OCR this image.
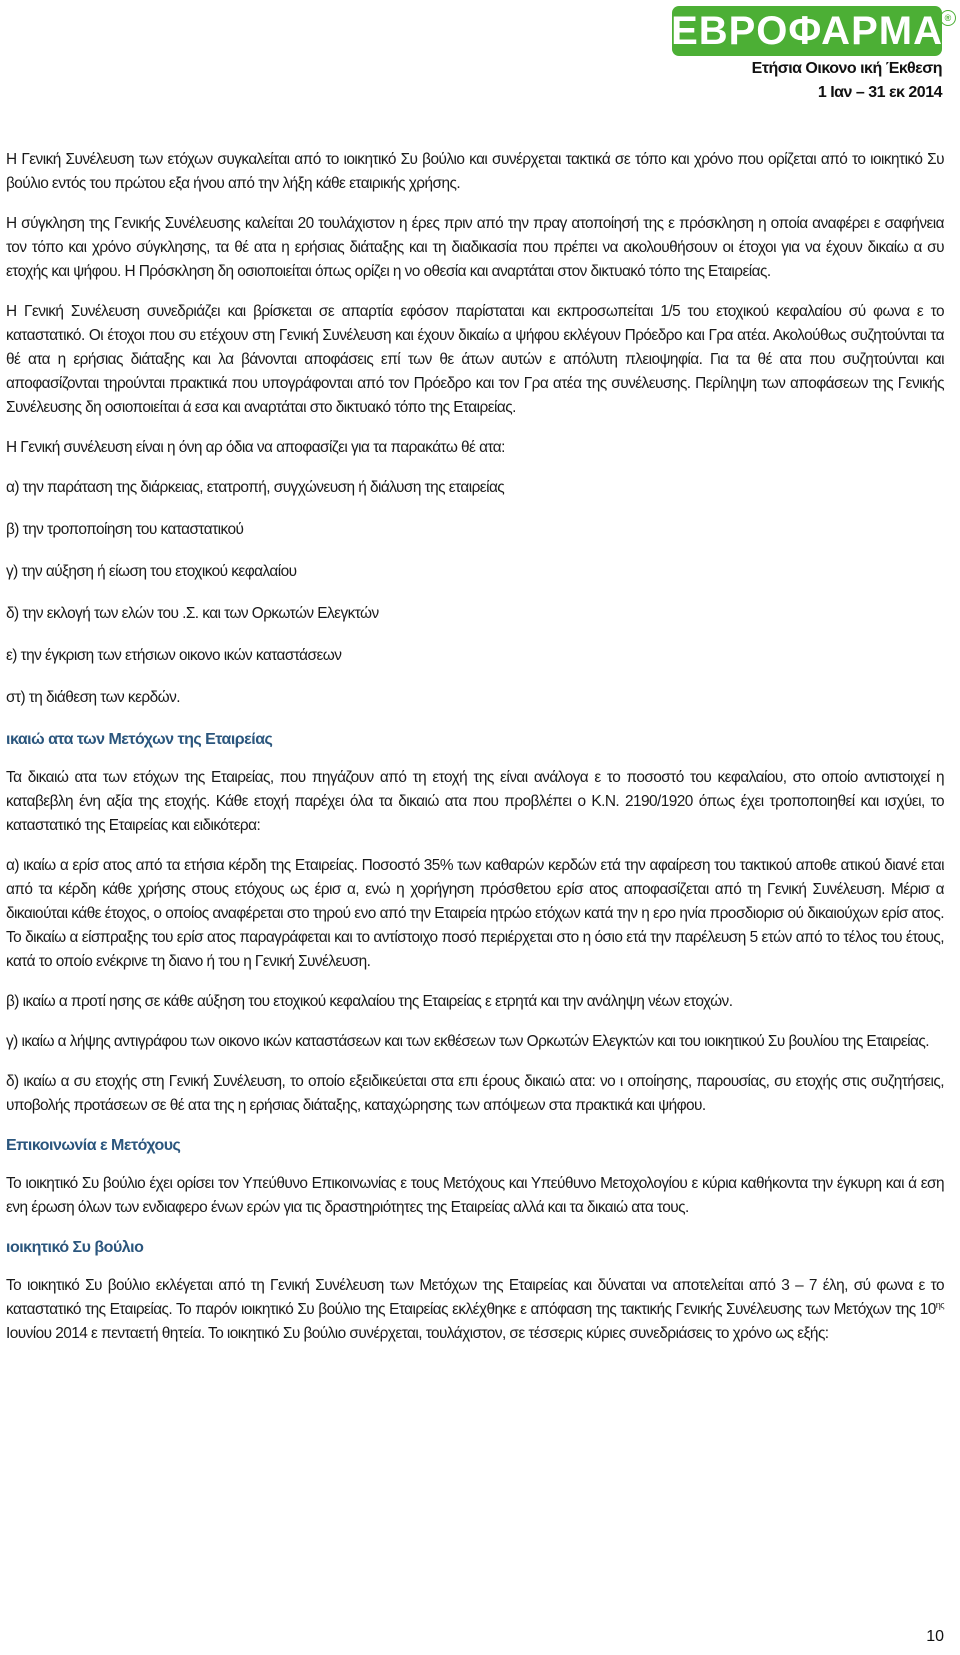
ΕΒΡΟΦΑΡΜΑ ®
Ετήσια Οικονο ική Έκθεση
1 Ιαν – 31 εκ 2014

Η Γενική Συνέλευση των ετόχων συγκαλείται από το ιοικητικό Συ βούλιο και συνέρχεται τακτικά σε τόπο και χρόνο που ορίζεται από το ιοικητικό Συ βούλιο εντός του πρώτου εξα ήνου από την λήξη κάθε εταιρικής χρήσης.

Η σύγκληση της Γενικής Συνέλευσης καλείται 20 τουλάχιστον η έρες πριν από την πραγ ατοποίησή της ε πρόσκληση η οποία αναφέρει ε σαφήνεια τον τόπο και χρόνο σύγκλησης, τα θέ ατα η ερήσιας διάταξης και τη διαδικασία που πρέπει να ακολουθήσουν οι έτοχοι για να έχουν δικαίω α συ ετοχής και ψήφου. Η Πρόσκληση δη οσιοποιείται όπως ορίζει η νο οθεσία και αναρτάται στον δικτυακό τόπο της Εταιρείας.

Η Γενική Συνέλευση συνεδριάζει και βρίσκεται σε απαρτία εφόσον παρίσταται και εκπροσωπείται 1/5 του ετοχικού κεφαλαίου σύ φωνα ε το καταστατικό. Οι έτοχοι που συ ετέχουν στη Γενική Συνέλευση και έχουν δικαίω α ψήφου εκλέγουν Πρόεδρο και Γρα ατέα. Ακολούθως συζητούνται τα θέ ατα η ερήσιας διάταξης και λα βάνονται αποφάσεις επί των θε άτων αυτών ε απόλυτη πλειοψηφία. Για τα θέ ατα που συζητούνται και αποφασίζονται τηρούνται πρακτικά που υπογράφονται από τον Πρόεδρο και τον Γρα ατέα της συνέλευσης. Περίληψη των αποφάσεων της Γενικής Συνέλευσης δη οσιοποιείται ά εσα και αναρτάται στο δικτυακό τόπο της Εταιρείας.

Η Γενική συνέλευση είναι η όνη αρ όδια να αποφασίζει για τα παρακάτω θέ ατα:

α) την παράταση της διάρκειας, ετατροπή, συγχώνευση ή διάλυση της εταιρείας

β) την τροποποίηση του καταστατικού

γ) την αύξηση ή είωση του ετοχικού κεφαλαίου

δ) την εκλογή των ελών του .Σ. και των Ορκωτών Ελεγκτών

ε) την έγκριση των ετήσιων οικονο ικών καταστάσεων

στ) τη διάθεση των κερδών.

ικαιώ ατα των Μετόχων της Εταιρείας

Τα δικαιώ ατα των ετόχων της Εταιρείας, που πηγάζουν από τη ετοχή της είναι ανάλογα ε το ποσοστό του κεφαλαίου, στο οποίο αντιστοιχεί η καταβεβλη ένη αξία της ετοχής. Κάθε ετοχή παρέχει όλα τα δικαιώ ατα που προβλέπει ο Κ.Ν. 2190/1920 όπως έχει τροποποιηθεί και ισχύει, το καταστατικό της Εταιρείας και ειδικότερα:

α) ικαίω α ερίσ ατος από τα ετήσια κέρδη της Εταιρείας. Ποσοστό 35% των καθαρών κερδών ετά την αφαίρεση του τακτικού αποθε ατικού διανέ εται από τα κέρδη κάθε χρήσης στους ετόχους ως έρισ α, ενώ η χορήγηση πρόσθετου ερίσ ατος αποφασίζεται από τη Γενική Συνέλευση. Μέρισ α δικαιούται κάθε έτοχος, ο οποίος αναφέρεται στο τηρού ενο από την Εταιρεία ητρώο ετόχων κατά την η ερο ηνία προσδιορισ ού δικαιούχων ερίσ ατος. Το δικαίω α είσπραξης του ερίσ ατος παραγράφεται και το αντίστοιχο ποσό περιέρχεται στο η όσιο ετά την παρέλευση 5 ετών από το τέλος του έτους, κατά το οποίο ενέκρινε τη διανο ή του η Γενική Συνέλευση.

β) ικαίω α προτί ησης σε κάθε αύξηση του ετοχικού κεφαλαίου της Εταιρείας ε ετρητά και την ανάληψη νέων ετοχών.

γ) ικαίω α λήψης αντιγράφου των οικονο ικών καταστάσεων και των εκθέσεων των Ορκωτών Ελεγκτών και του ιοικητικού Συ βουλίου της Εταιρείας.

δ) ικαίω α συ ετοχής στη Γενική Συνέλευση, το οποίο εξειδικεύεται στα επι έρους δικαιώ ατα: νο ι οποίησης, παρουσίας, συ ετοχής στις συζητήσεις, υποβολής προτάσεων σε θέ ατα της η ερήσιας διάταξης, καταχώρησης των απόψεων στα πρακτικά και ψήφου.

Επικοινωνία ε Μετόχους

Το ιοικητικό Συ βούλιο έχει ορίσει τον Υπεύθυνο Επικοινωνίας ε τους Μετόχους και Υπεύθυνο Μετοχολογίου ε κύρια καθήκοντα την έγκυρη και ά εση ενη έρωση όλων των ενδιαφερο ένων ερών για τις δραστηριότητες της Εταιρείας αλλά και τα δικαιώ ατα τους.

ιοικητικό Συ βούλιο

Το ιοικητικό Συ βούλιο εκλέγεται από τη Γενική Συνέλευση των Μετόχων της Εταιρείας και δύναται να αποτελείται από 3 – 7 έλη, σύ φωνα ε το καταστατικό της Εταιρείας. Το παρόν ιοικητικό Συ βούλιο της Εταιρείας εκλέχθηκε ε απόφαση της τακτικής Γενικής Συνέλευσης των Μετόχων της $10^{\eta\varsigma}$ Ιουνίου 2014 ε πενταετή θητεία. Το ιοικητικό Συ βούλιο συνέρχεται, τουλάχιστον, σε τέσσερις κύριες συνεδριάσεις το χρόνο ως εξής:

10
